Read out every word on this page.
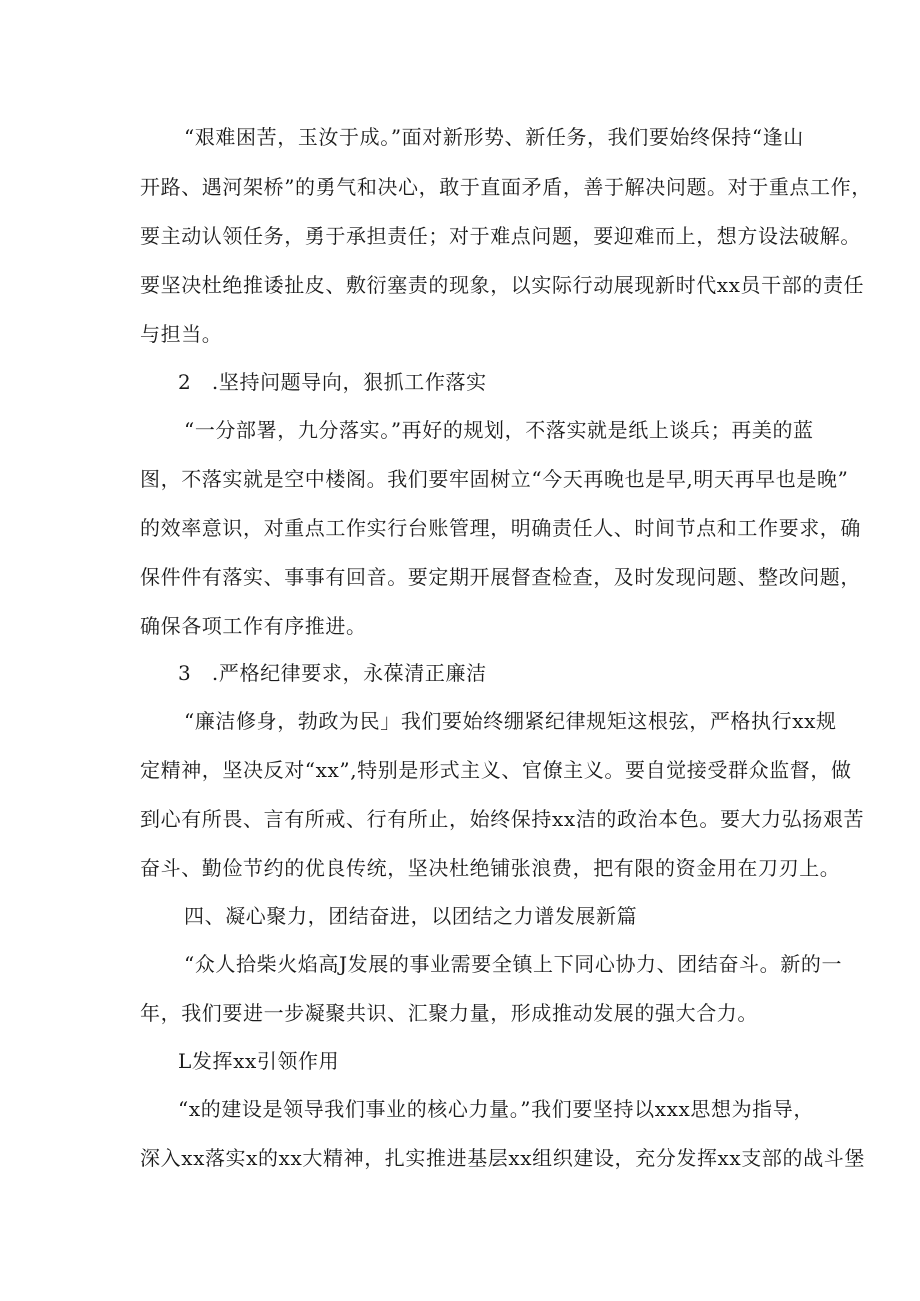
“艰难困苦，玉汝于成。”面对新形势、新任务，我们要始终保持“逢山
开路、遇河架桥”的勇气和决心，敢于直面矛盾，善于解决问题。对于重点工作，
要主动认领任务，勇于承担责任；对于难点问题，要迎难而上，想方设法破解。
要坚决杜绝推诿扯皮、敷衍塞责的现象，以实际行动展现新时代xx员干部的责任
与担当。
2　.坚持问题导向，狠抓工作落实
“一分部署，九分落实。”再好的规划，不落实就是纸上谈兵；再美的蓝
图，不落实就是空中楼阁。我们要牢固树立“今天再晚也是早,明天再早也是晚”
的效率意识，对重点工作实行台账管理，明确责任人、时间节点和工作要求，确
保件件有落实、事事有回音。要定期开展督查检查，及时发现问题、整改问题，
确保各项工作有序推进。
3　.严格纪律要求，永葆清正廉洁
“廉洁修身，勃政为民」我们要始终绷紧纪律规矩这根弦，严格执行xx规
定精神，坚决反对“xx”,特别是形式主义、官僚主义。要自觉接受群众监督，做
到心有所畏、言有所戒、行有所止，始终保持xx洁的政治本色。要大力弘扬艰苦
奋斗、勤俭节约的优良传统，坚决杜绝铺张浪费，把有限的资金用在刀刃上。
四、凝心聚力，团结奋进，以团结之力谱发展新篇
“众人拾柴火焰高J发展的事业需要全镇上下同心协力、团结奋斗。新的一
年，我们要进一步凝聚共识、汇聚力量，形成推动发展的强大合力。
L发挥xx引领作用
“x的建设是领导我们事业的核心力量。”我们要坚持以xxx思想为指导，
深入xx落实x的xx大精神，扎实推进基层xx组织建设，充分发挥xx支部的战斗堡
